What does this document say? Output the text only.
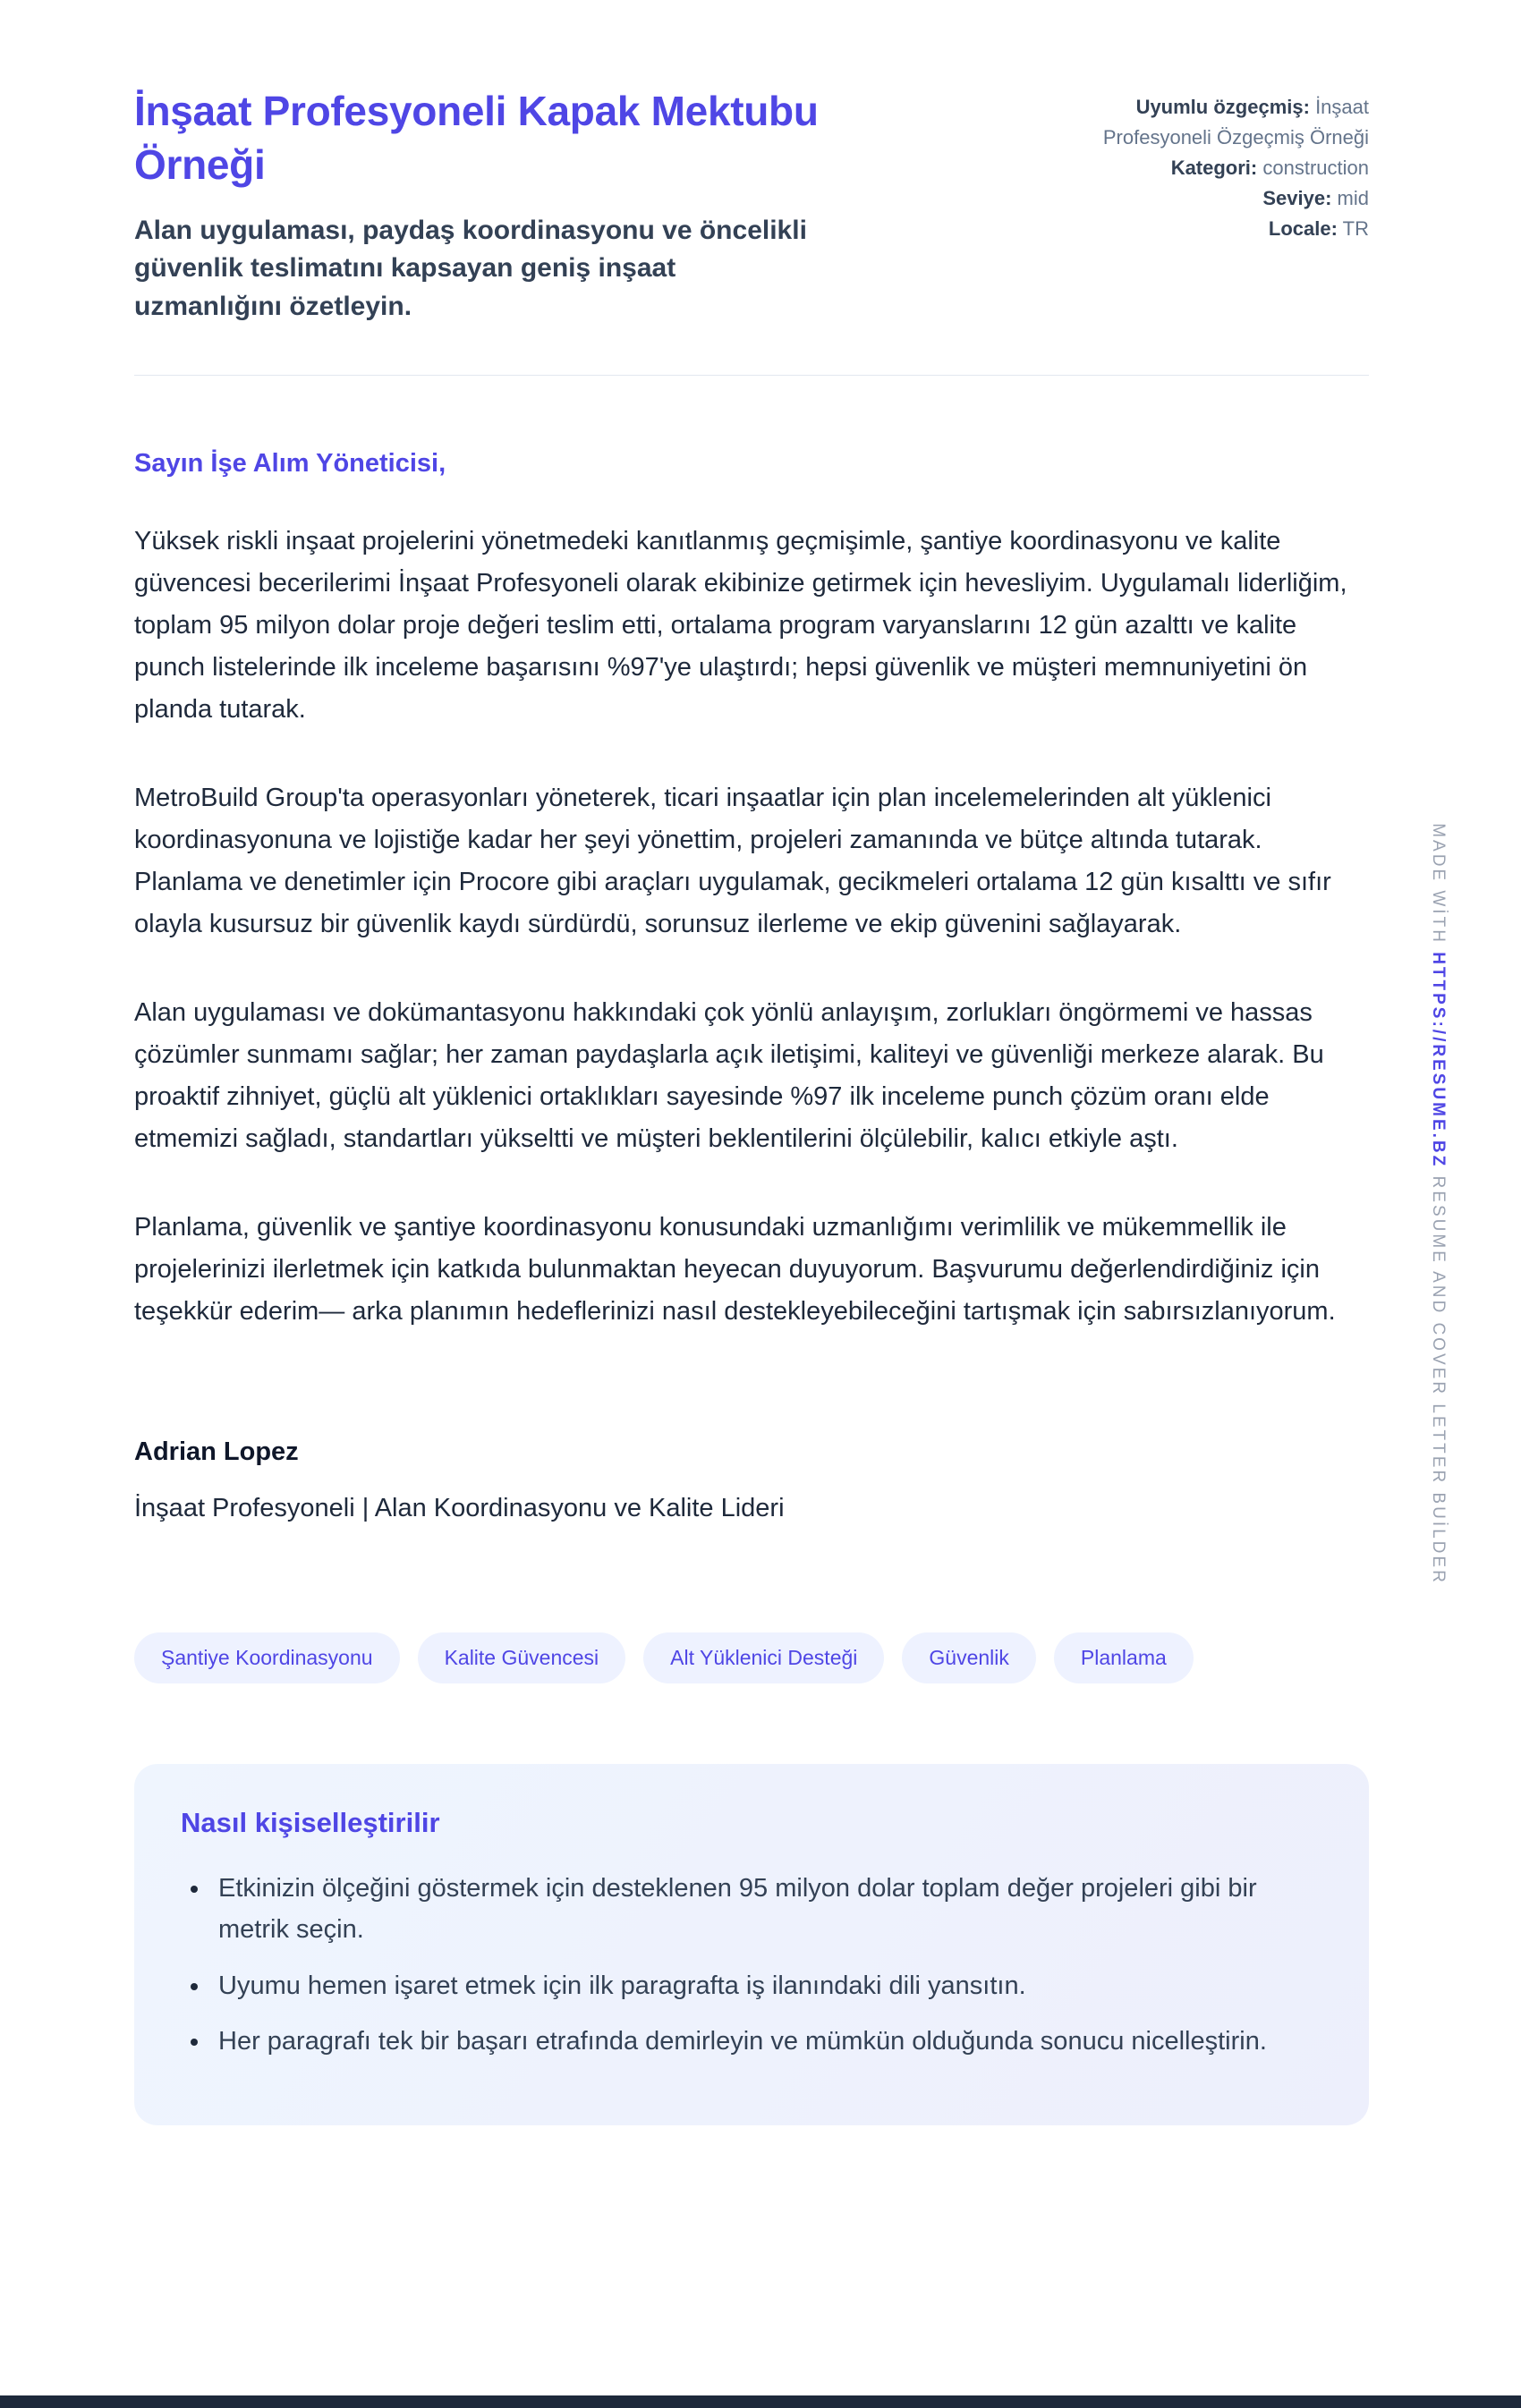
İnşaat Profesyoneli Kapak Mektubu Örneği

Alan uygulaması, paydaş koordinasyonu ve öncelikli güvenlik teslimatını kapsayan geniş inşaat uzmanlığını özetleyin.

Uyumlu özgeçmiş: İnşaat Profesyoneli Özgeçmiş Örneği
Kategori: construction
Seviye: mid
Locale: TR

Sayın İşe Alım Yöneticisi,

Yüksek riskli inşaat projelerini yönetmedeki kanıtlanmış geçmişimle, şantiye koordinasyonu ve kalite güvencesi becerilerimi İnşaat Profesyoneli olarak ekibinize getirmek için hevesliyim. Uygulamalı liderliğim, toplam 95 milyon dolar proje değeri teslim etti, ortalama program varyanslarını 12 gün azalttı ve kalite punch listelerinde ilk inceleme başarısını %97'ye ulaştırdı; hepsi güvenlik ve müşteri memnuniyetini ön planda tutarak.

MetroBuild Group'ta operasyonları yöneterek, ticari inşaatlar için plan incelemelerinden alt yüklenici koordinasyonuna ve lojistiğe kadar her şeyi yönettim, projeleri zamanında ve bütçe altında tutarak. Planlama ve denetimler için Procore gibi araçları uygulamak, gecikmeleri ortalama 12 gün kısalttı ve sıfır olayla kusursuz bir güvenlik kaydı sürdürdü, sorunsuz ilerleme ve ekip güvenini sağlayarak.

Alan uygulaması ve dokümantasyonu hakkındaki çok yönlü anlayışım, zorlukları öngörmemi ve hassas çözümler sunmamı sağlar; her zaman paydaşlarla açık iletişimi, kaliteyi ve güvenliği merkeze alarak. Bu proaktif zihniyet, güçlü alt yüklenici ortaklıkları sayesinde %97 ilk inceleme punch çözüm oranı elde etmemizi sağladı, standartları yükseltti ve müşteri beklentilerini ölçülebilir, kalıcı etkiyle aştı.

Planlama, güvenlik ve şantiye koordinasyonu konusundaki uzmanlığımı verimlilik ve mükemmellik ile projelerinizi ilerletmek için katkıda bulunmaktan heyecan duyuyorum. Başvurumu değerlendirdiğiniz için teşekkür ederim— arka planımın hedeflerinizi nasıl destekleyebileceğini tartışmak için sabırsızlanıyorum.

Adrian Lopez

İnşaat Profesyoneli | Alan Koordinasyonu ve Kalite Lideri

Şantiye Koordinasyonu	Kalite Güvencesi	Alt Yüklenici Desteği	Güvenlik	Planlama
Nasıl kişiselleştirilir
• Etkinizin ölçeğini göstermek için desteklenen 95 milyon dolar toplam değer projeleri gibi bir metrik seçin.
• Uyumu hemen işaret etmek için ilk paragrafta iş ilanındaki dili yansıtın.
• Her paragrafı tek bir başarı etrafında demirleyin ve mümkün olduğunda sonucu nicelleştirin.
MADE WİTH HTTPS://RESUME.BZ RESUME AND COVER LETTER BUİLDER
